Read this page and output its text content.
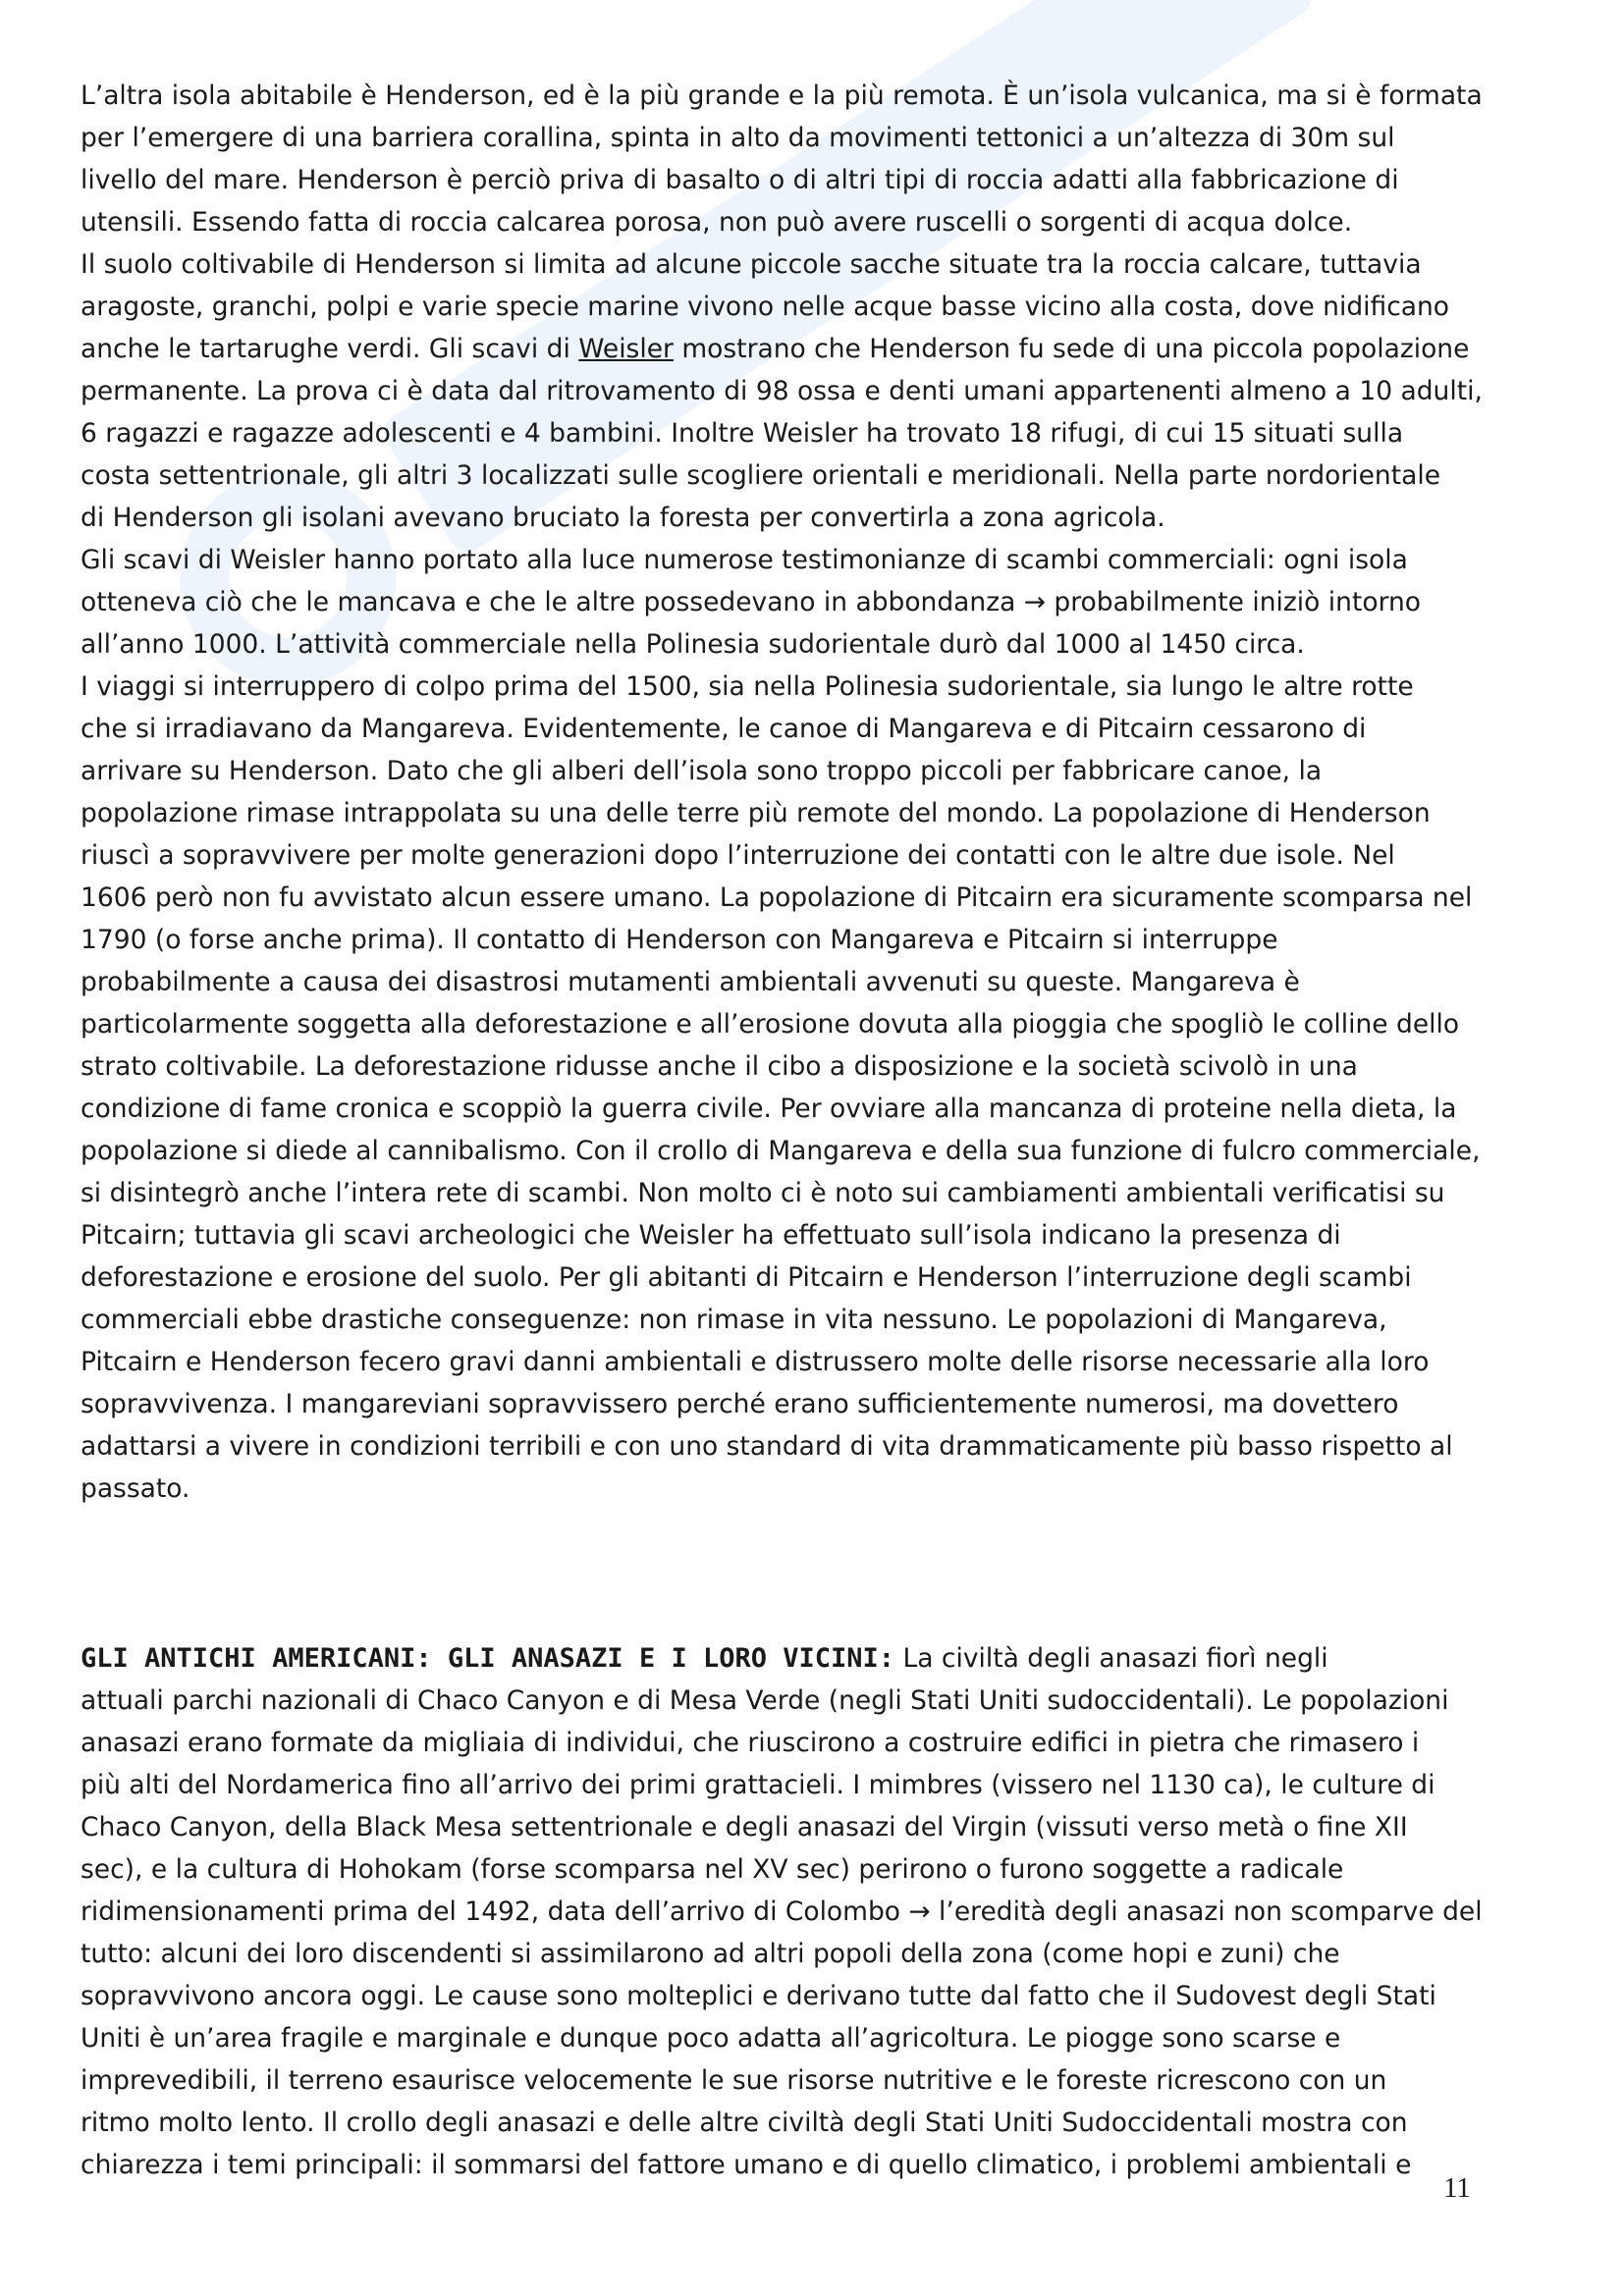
L’altra isola abitabile è Henderson, ed è la più grande e la più remota. È un’isola vulcanica, ma si è formata
per l’emergere di una barriera corallina, spinta in alto da movimenti tettonici a un’altezza di 30m sul
livello del mare. Henderson è perciò priva di basalto o di altri tipi di roccia adatti alla fabbricazione di
utensili. Essendo fatta di roccia calcarea porosa, non può avere ruscelli o sorgenti di acqua dolce.
Il suolo coltivabile di Henderson si limita ad alcune piccole sacche situate tra la roccia calcare, tuttavia
aragoste, granchi, polpi e varie specie marine vivono nelle acque basse vicino alla costa, dove nidificano
anche le tartarughe verdi. Gli scavi di Weisler mostrano che Henderson fu sede di una piccola popolazione
permanente. La prova ci è data dal ritrovamento di 98 ossa e denti umani appartenenti almeno a 10 adulti,
6 ragazzi e ragazze adolescenti e 4 bambini. Inoltre Weisler ha trovato 18 rifugi, di cui 15 situati sulla
costa settentrionale, gli altri 3 localizzati sulle scogliere orientali e meridionali. Nella parte nordorientale
di Henderson gli isolani avevano bruciato la foresta per convertirla a zona agricola.
Gli scavi di Weisler hanno portato alla luce numerose testimonianze di scambi commerciali: ogni isola
otteneva ciò che le mancava e che le altre possedevano in abbondanza → probabilmente iniziò intorno
all’anno 1000. L’attività commerciale nella Polinesia sudorientale durò dal 1000 al 1450 circa.
I viaggi si interruppero di colpo prima del 1500, sia nella Polinesia sudorientale, sia lungo le altre rotte
che si irradiavano da Mangareva. Evidentemente, le canoe di Mangareva e di Pitcairn cessarono di
arrivare su Henderson. Dato che gli alberi dell’isola sono troppo piccoli per fabbricare canoe, la
popolazione rimase intrappolata su una delle terre più remote del mondo. La popolazione di Henderson
riuscì a sopravvivere per molte generazioni dopo l’interruzione dei contatti con le altre due isole. Nel
1606 però non fu avvistato alcun essere umano. La popolazione di Pitcairn era sicuramente scomparsa nel
1790 (o forse anche prima). Il contatto di Henderson con Mangareva e Pitcairn si interruppe
probabilmente a causa dei disastrosi mutamenti ambientali avvenuti su queste. Mangareva è
particolarmente soggetta alla deforestazione e all’erosione dovuta alla pioggia che spogliò le colline dello
strato coltivabile. La deforestazione ridusse anche il cibo a disposizione e la società scivolò in una
condizione di fame cronica e scoppiò la guerra civile. Per ovviare alla mancanza di proteine nella dieta, la
popolazione si diede al cannibalismo. Con il crollo di Mangareva e della sua funzione di fulcro commerciale,
si disintegrò anche l’intera rete di scambi. Non molto ci è noto sui cambiamenti ambientali verificatisi su
Pitcairn; tuttavia gli scavi archeologici che Weisler ha effettuato sull’isola indicano la presenza di
deforestazione e erosione del suolo. Per gli abitanti di Pitcairn e Henderson l’interruzione degli scambi
commerciali ebbe drastiche conseguenze: non rimase in vita nessuno. Le popolazioni di Mangareva,
Pitcairn e Henderson fecero gravi danni ambientali e distrussero molte delle risorse necessarie alla loro
sopravvivenza. I mangareviani sopravvissero perché erano sufficientemente numerosi, ma dovettero
adattarsi a vivere in condizioni terribili e con uno standard di vita drammaticamente più basso rispetto al
passato.
GLI ANTICHI AMERICANI: GLI ANASAZI E I LORO VICINI: La civiltà degli anasazi fiorì negli
attuali parchi nazionali di Chaco Canyon e di Mesa Verde (negli Stati Uniti sudoccidentali). Le popolazioni
anasazi erano formate da migliaia di individui, che riuscirono a costruire edifici in pietra che rimasero i
più alti del Nordamerica fino all’arrivo dei primi grattacieli. I mimbres (vissero nel 1130 ca), le culture di
Chaco Canyon, della Black Mesa settentrionale e degli anasazi del Virgin (vissuti verso metà o fine XII
sec), e la cultura di Hohokam (forse scomparsa nel XV sec) perirono o furono soggette a radicale
ridimensionamenti prima del 1492, data dell’arrivo di Colombo → l’eredità degli anasazi non scomparve del
tutto: alcuni dei loro discendenti si assimilarono ad altri popoli della zona (come hopi e zuni) che
sopravvivono ancora oggi. Le cause sono molteplici e derivano tutte dal fatto che il Sudovest degli Stati
Uniti è un’area fragile e marginale e dunque poco adatta all’agricoltura. Le piogge sono scarse e
imprevedibili, il terreno esaurisce velocemente le sue risorse nutritive e le foreste ricrescono con un
ritmo molto lento. Il crollo degli anasazi e delle altre civiltà degli Stati Uniti Sudoccidentali mostra con
chiarezza i temi principali: il sommarsi del fattore umano e di quello climatico, i problemi ambientali e
11
